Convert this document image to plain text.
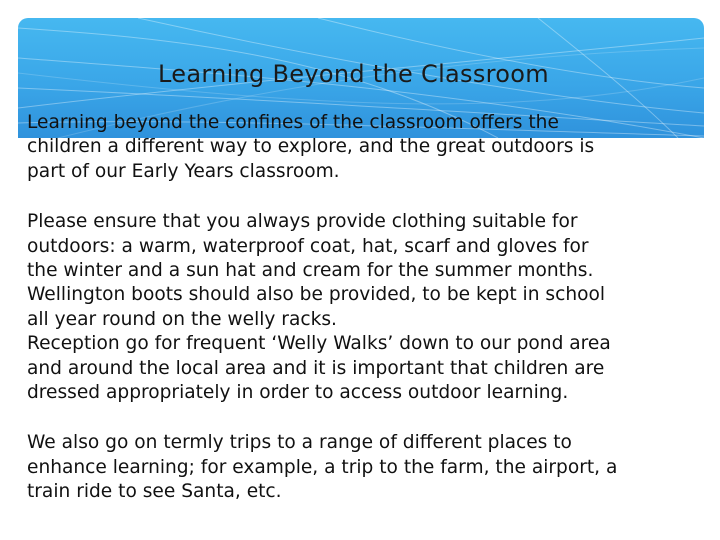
Learning Beyond the Classroom

Learning beyond the confines of the classroom offers the
children a different way to explore, and the great outdoors is
part of our Early Years classroom.

Please ensure that you always provide clothing suitable for
outdoors: a warm, waterproof coat, hat, scarf and gloves for
the winter and a sun hat and cream for the summer months.
Wellington boots should also be provided, to be kept in school
all year round on the welly racks.
Reception go for frequent ‘Welly Walks’ down to our pond area
and around the local area and it is important that children are
dressed appropriately in order to access outdoor learning.

We also go on termly trips to a range of different places to
enhance learning; for example, a trip to the farm, the airport, a
train ride to see Santa, etc.
